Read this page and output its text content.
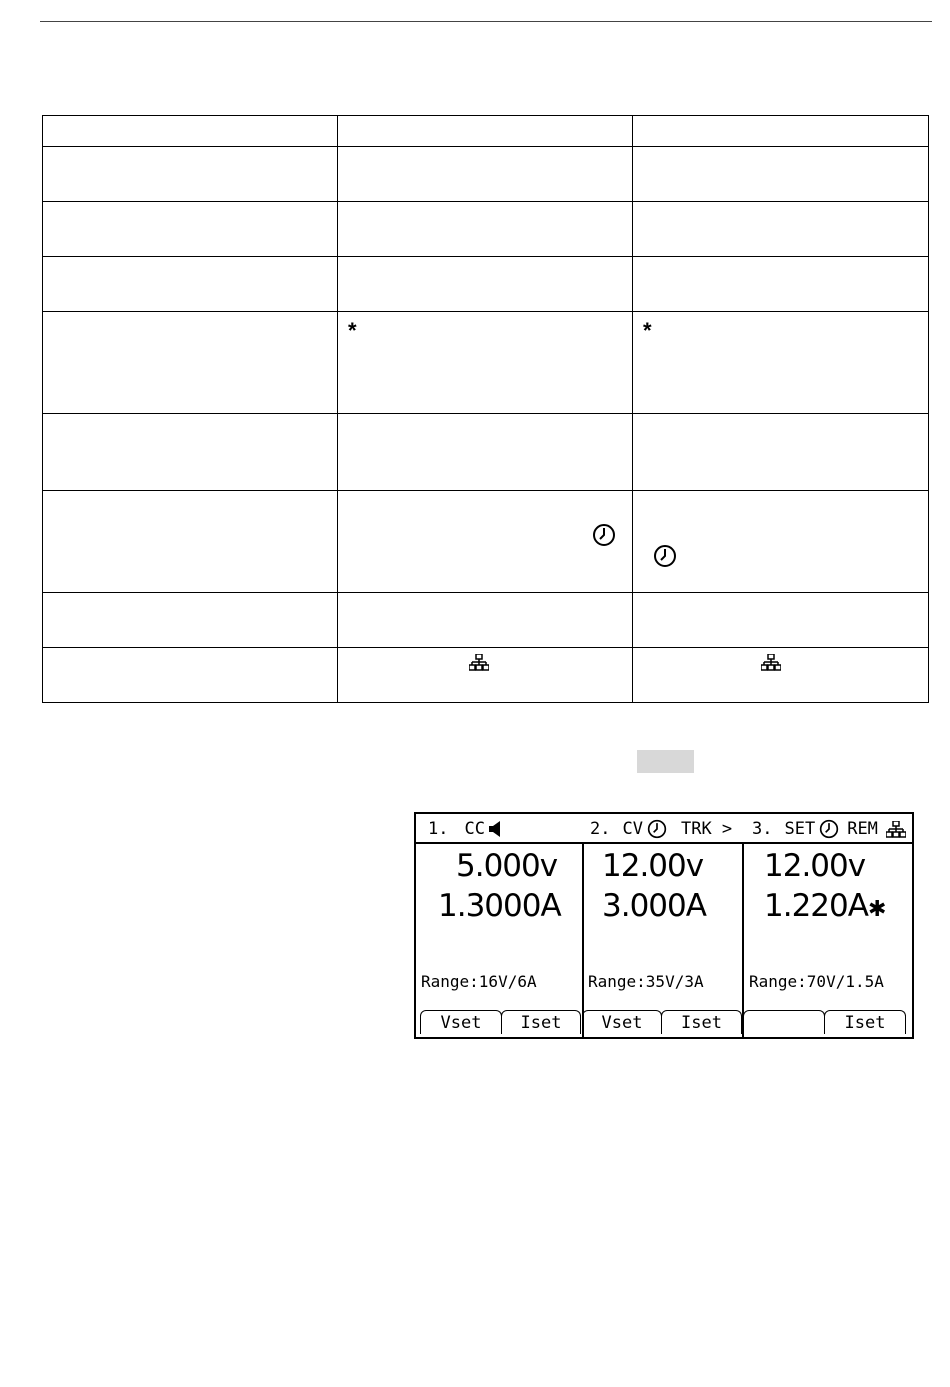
	*	*

1. CC	2. CV TRK > 3. SET REM
5.000v
1.3000A
Range:16V/6A
12.00v
3.000A
Range:35V/3A
12.00v
1.220A✱
Range:70V/1.5A
Vset	Iset	Vset	Iset	Iset
